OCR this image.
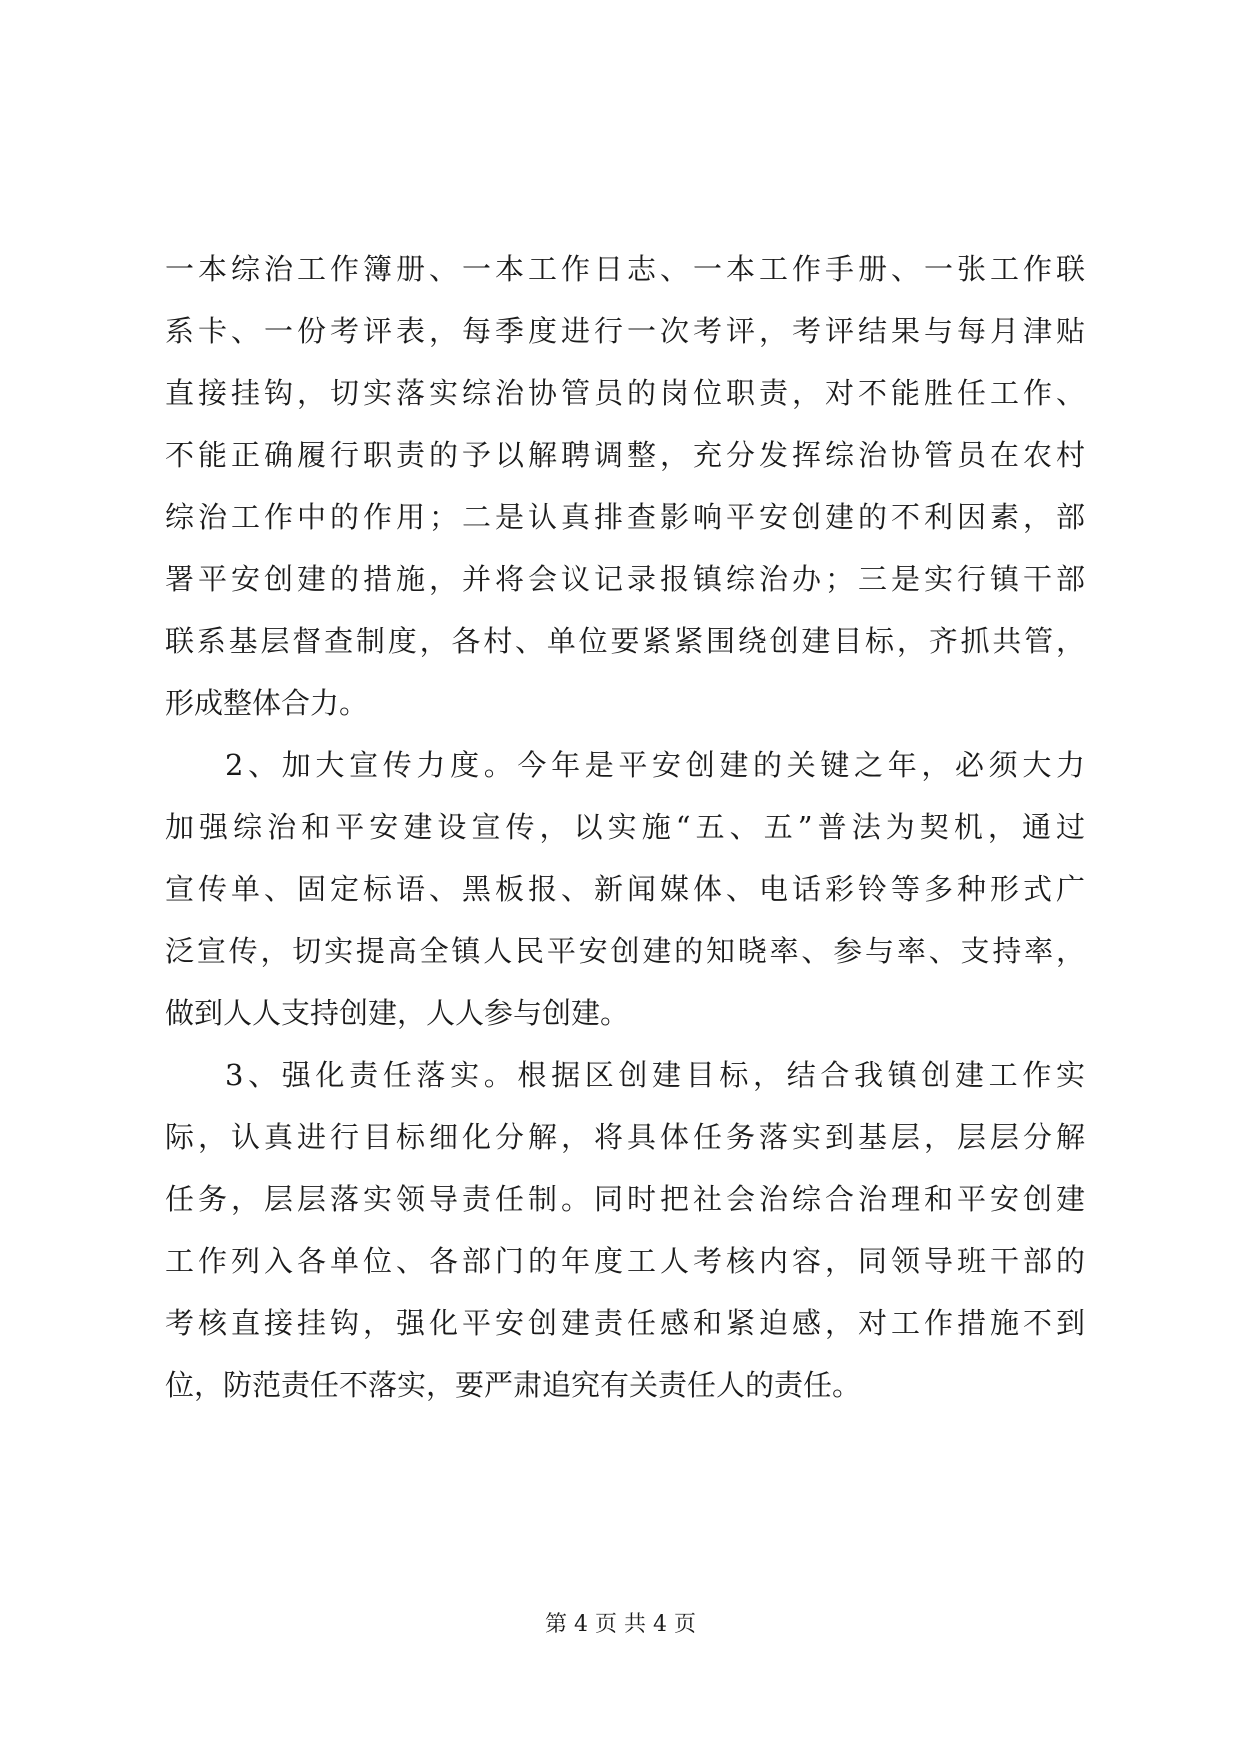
一本综治工作簿册、一本工作日志、一本工作手册、一张工作联
系卡、一份考评表，每季度进行一次考评，考评结果与每月津贴
直接挂钩，切实落实综治协管员的岗位职责，对不能胜任工作、
不能正确履行职责的予以解聘调整，充分发挥综治协管员在农村
综治工作中的作用；二是认真排查影响平安创建的不利因素，部
署平安创建的措施，并将会议记录报镇综治办；三是实行镇干部
联系基层督查制度，各村、单位要紧紧围绕创建目标，齐抓共管，
形成整体合力。
2、加大宣传力度。今年是平安创建的关键之年，必须大力
加强综治和平安建设宣传，以实施“五、五”普法为契机，通过
宣传单、固定标语、黑板报、新闻媒体、电话彩铃等多种形式广
泛宣传，切实提高全镇人民平安创建的知晓率、参与率、支持率，
做到人人支持创建，人人参与创建。
3、强化责任落实。根据区创建目标，结合我镇创建工作实
际，认真进行目标细化分解，将具体任务落实到基层，层层分解
任务，层层落实领导责任制。同时把社会治综合治理和平安创建
工作列入各单位、各部门的年度工人考核内容，同领导班干部的
考核直接挂钩，强化平安创建责任感和紧迫感，对工作措施不到
位，防范责任不落实，要严肃追究有关责任人的责任。
第 4 页 共 4 页
